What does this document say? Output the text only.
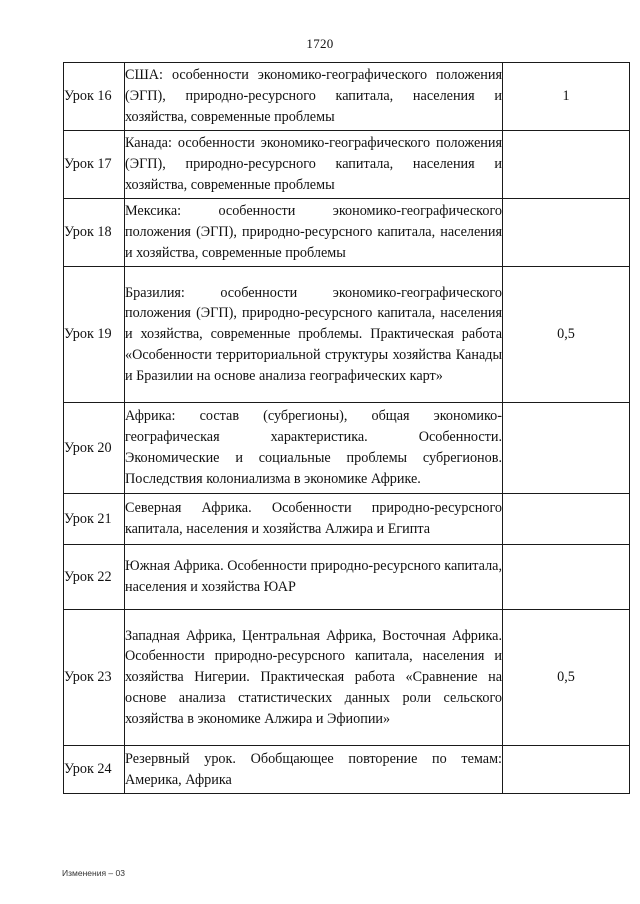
1720
Урок 16	США: особенности экономико-географического положения (ЭГП), природно-ресурсного капитала, населения и хозяйства, современные проблемы	1
Урок 17	Канада: особенности экономико-географического положения (ЭГП), природно-ресурсного капитала, населения и хозяйства, современные проблемы	
Урок 18	Мексика: особенности экономико-географического положения (ЭГП), природно-ресурсного капитала, населения и хозяйства, современные проблемы	
Урок 19	Бразилия: особенности экономико-географического положения (ЭГП), природно-ресурсного капитала, населения и хозяйства, современные проблемы. Практическая работа «Особенности территориальной структуры хозяйства Канады и Бразилии на основе анализа географических карт»	0,5
Урок 20	Африка: состав (субрегионы), общая экономико-географическая характеристика. Особенности. Экономические и социальные проблемы субрегионов. Последствия колониализма в экономике Африке.	
Урок 21	Северная Африка. Особенности природно-ресурсного капитала, населения и хозяйства Алжира и Египта	
Урок 22	Южная Африка. Особенности природно-ресурсного капитала, населения и хозяйства ЮАР	
Урок 23	Западная Африка, Центральная Африка, Восточная Африка. Особенности природно-ресурсного капитала, населения и хозяйства Нигерии. Практическая работа «Сравнение на основе анализа статистических данных роли сельского хозяйства в экономике Алжира и Эфиопии»	0,5
Урок 24	Резервный урок. Обобщающее повторение по темам: Америка, Африка	
Изменения – 03
